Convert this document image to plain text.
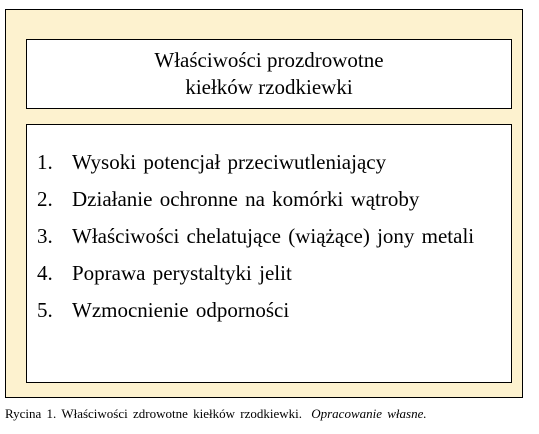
Właściwości prozdrowotne
kiełków rzodkiewki
1. Wysoki potencjał przeciwutleniający
2. Działanie ochronne na komórki wątroby
3. Właściwości chelatujące (wiążące) jony metali
4. Poprawa perystaltyki jelit
5. Wzmocnienie odporności
Rycina 1. Właściwości zdrowotne kiełków rzodkiewki. Opracowanie własne.
